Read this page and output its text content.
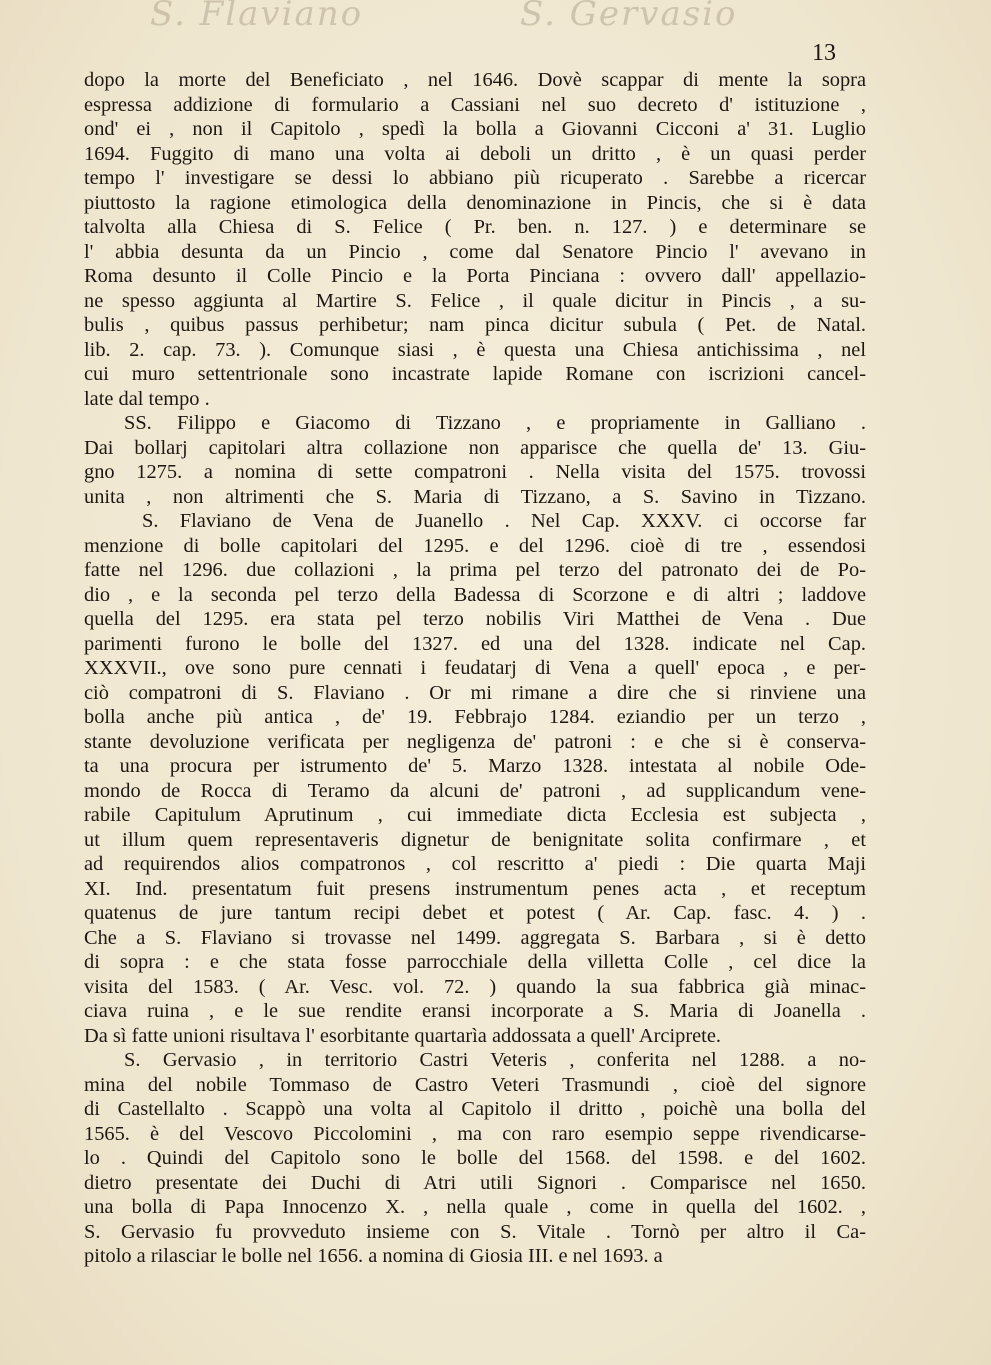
S. Flaviano	S. Gervasio
13
dopo la morte del Beneficiato , nel 1646. Dovè scappar di mente la sopra
espressa addizione di formulario a Cassiani nel suo decreto d' istituzione ,
ond' ei , non il Capitolo , spedì la bolla a Giovanni Cicconi a' 31. Luglio
1694. Fuggito di mano una volta ai deboli un dritto , è un quasi perder
tempo l' investigare se dessi lo abbiano più ricuperato . Sarebbe a ricercar
piuttosto la ragione etimologica della denominazione in Pincis, che si è data
talvolta alla Chiesa di S. Felice ( Pr. ben. n. 127. ) e determinare se
l' abbia desunta da un Pincio , come dal Senatore Pincio l' avevano in
Roma desunto il Colle Pincio e la Porta Pinciana : ovvero dall' appellazio-
ne spesso aggiunta al Martire S. Felice , il quale dicitur in Pincis , a su-
bulis , quibus passus perhibetur; nam pinca dicitur subula ( Pet. de Natal.
lib. 2. cap. 73. ). Comunque siasi , è questa una Chiesa antichissima , nel
cui muro settentrionale sono incastrate lapide Romane con iscrizioni cancel-
late dal tempo .
SS. Filippo e Giacomo di Tizzano , e propriamente in Galliano .
Dai bollarj capitolari altra collazione non apparisce che quella de' 13. Giu-
gno 1275. a nomina di sette compatroni . Nella visita del 1575. trovossi
unita , non altrimenti che S. Maria di Tizzano, a S. Savino in Tizzano.
S. Flaviano de Vena de Juanello . Nel Cap. XXXV. ci occorse far
menzione di bolle capitolari del 1295. e del 1296. cioè di tre , essendosi
fatte nel 1296. due collazioni , la prima pel terzo del patronato dei de Po-
dio , e la seconda pel terzo della Badessa di Scorzone e di altri ; laddove
quella del 1295. era stata pel terzo nobilis Viri Matthei de Vena . Due
parimenti furono le bolle del 1327. ed una del 1328. indicate nel Cap.
XXXVII., ove sono pure cennati i feudatarj di Vena a quell' epoca , e per-
ciò compatroni di S. Flaviano . Or mi rimane a dire che si rinviene una
bolla anche più antica , de' 19. Febbrajo 1284. eziandio per un terzo ,
stante devoluzione verificata per negligenza de' patroni : e che si è conserva-
ta una procura per istrumento de' 5. Marzo 1328. intestata al nobile Ode-
mondo de Rocca di Teramo da alcuni de' patroni , ad supplicandum vene-
rabile Capitulum Aprutinum , cui immediate dicta Ecclesia est subjecta ,
ut illum quem representaveris dignetur de benignitate solita confirmare , et
ad requirendos alios compatronos , col rescritto a' piedi : Die quarta Maji
XI. Ind. presentatum fuit presens instrumentum penes acta , et receptum
quatenus de jure tantum recipi debet et potest ( Ar. Cap. fasc. 4. ) .
Che a S. Flaviano si trovasse nel 1499. aggregata S. Barbara , si è detto
di sopra : e che stata fosse parrocchiale della villetta Colle , cel dice la
visita del 1583. ( Ar. Vesc. vol. 72. ) quando la sua fabbrica già minac-
ciava ruina , e le sue rendite eransi incorporate a S. Maria di Joanella .
Da sì fatte unioni risultava l' esorbitante quartarìa addossata a quell' Arciprete.
S. Gervasio , in territorio Castri Veteris , conferita nel 1288. a no-
mina del nobile Tommaso de Castro Veteri Trasmundi , cioè del signore
di Castellalto . Scappò una volta al Capitolo il dritto , poichè una bolla del
1565. è del Vescovo Piccolomini , ma con raro esempio seppe rivendicarse-
lo . Quindi del Capitolo sono le bolle del 1568. del 1598. e del 1602.
dietro presentate dei Duchi di Atri utili Signori . Comparisce nel 1650.
una bolla di Papa Innocenzo X. , nella quale , come in quella del 1602. ,
S. Gervasio fu provveduto insieme con S. Vitale . Tornò per altro il Ca-
pitolo a rilasciar le bolle nel 1656. a nomina di Giosia III. e nel 1693. a
